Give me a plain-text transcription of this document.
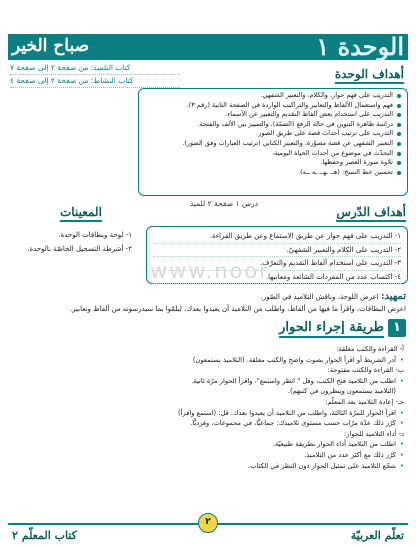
الوحدة ١
صباح الخير
كتاب التلميذ: من صفحة ٢ إلى صفحة ٧
كتاب النشاط: من صفحة ٢ إلى صفحة ٤	أهداف الوحدة
التدريب على فهم حوار، والكلام، والتعبير الشفهي.
فهم واستعمال الألفاظ والتعابير والتراكيب الواردة في الصفحة الثانية (رقم ٣).
التدريب على استخدام بعض ألفاظ التقديم والتعبير عن الأسماء.
دراسة ظاهرة التنوين في حالة الرفع (الضمّة)، والتمييز بين الألف والفتحة.
التدريب على ترتيب أحداث قصة على طريق الصور.
التعبير الشفهي عن قصة مصوّرة، والتعبير الكتابي (ترتيب العبارات وفق الصور).
التحدّث في موضوع من أحداث الحياة اليومية.
تلاوة سورة العصر وحفظها.
تحسين خط النسخ: (هــ ـهــ ـه ــه).
درس ١ صفحة ٢ للميذ
أهداف الدّرس
المعينات
١- التدريب على فهم حوار عن طريق الاستماع وعن طريق القراءة.
٢- التدريب على الكلام والتعبير الشفهيّ.
٣- التدريب على استخدام ألفاظ التقديم والتعرّف.
٤- اكتساب عدد من المفردات الشائعة ومعانيها.
١- لوحة وبطاقات الوحدة.
٢- أشرطة التسجيل الخاصّة بالوحدة.
www.noor
تمهيد: اعرض اللوحة، وناقش التلاميذ في الصّور.
اعرض البطاقات، واقرأ ما فيها من ألفاظ، واطلب من التلاميذ أن يعيدوا بعدك، ليلمّوا بما سيدرسونه من ألفاظ وتعابير.
١
طريقة إجراء الحوار
أ- القراءة والكتب مغلقة:
• أدر الشريط أو اقرأ الحوار بصوت واضح والكتب مغلقة. (التلاميذ يستمعون)
ب- القراءة والكتب مفتوحة:
• اطلب من التلاميذ فتح الكتب، وقل " انظر واستمع"، واقرأ الحوار مرّة ثانية.
(التلاميذ يستمعون وينظرون في كتبهم).
حـ- إعادة التلاميذ بعد المعلّم:
• اقرأ الحوار للمرّة الثالثة، واطلب من التلاميذ أن يعيدوا بعدك. قل: (استمع واقرأ)
• كرّر ذلك عدّة مرّات حسب مستوى تلاميذك: جماعيًّا، في مجموعات، وفرديًّا.
د- أداء التلاميذ للحوار:
• اطلب من التلاميذ أداء الحوار بطريقة طبيعيّة.
• كرّر ذلك مع أكثر عدد من التلاميذ.
• شجّع التلاميذ على تمثيل الحوار دون النظر في الكتاب.
تعلّم العربيّة
كتاب المعلّم ٢
٢
